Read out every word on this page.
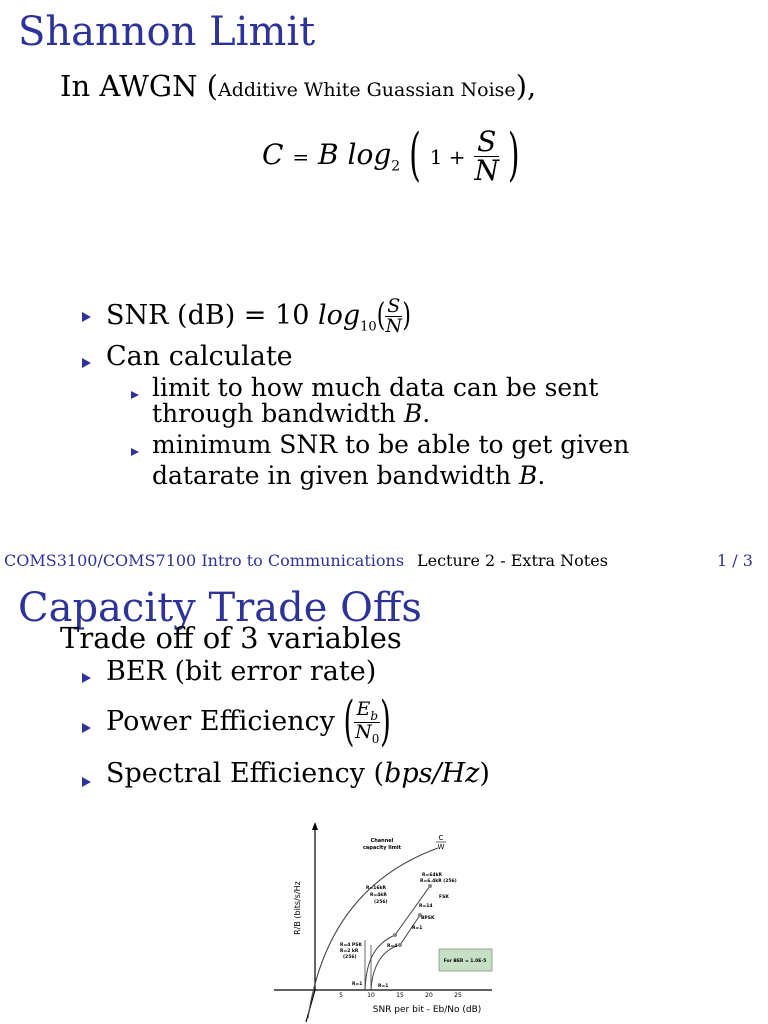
Shannon Limit
In AWGN (Additive White Guassian Noise),
C = B $\log_2$ ( $1 + \frac{S}{N}$ )
SNR (dB) = 10 $\log_{10}( \frac{S}{N}$ )
Can calculate
limit to how much data can be sent
through bandwidth B.
minimum SNR to be able to get given
datarate in given bandwidth B.
COMS3100/COMS7100 Intro to Communications Lecture 2 - Extra Notes	1 / 3
Capacity Trade Offs
Trade off of 3 variables
BER (bit error rate)
Power Efficiency ( $\frac{E_b}{N_0}$ )
Spectral Efficiency (bps/Hz)
5	10	15	20	25
SNR per bit - Eb/No (dB)
R/B (bits/s/Hz
Channel
capacity limit
C
W
R=64kR
R=6.4kR (256)
R=16kR
R=4kR
(256)
FSK
R=14
BPSK
R=1
R=4 PSK
R=2 kR
(256)
R=4
R=1	R=1
For BER = 1.0E-5
